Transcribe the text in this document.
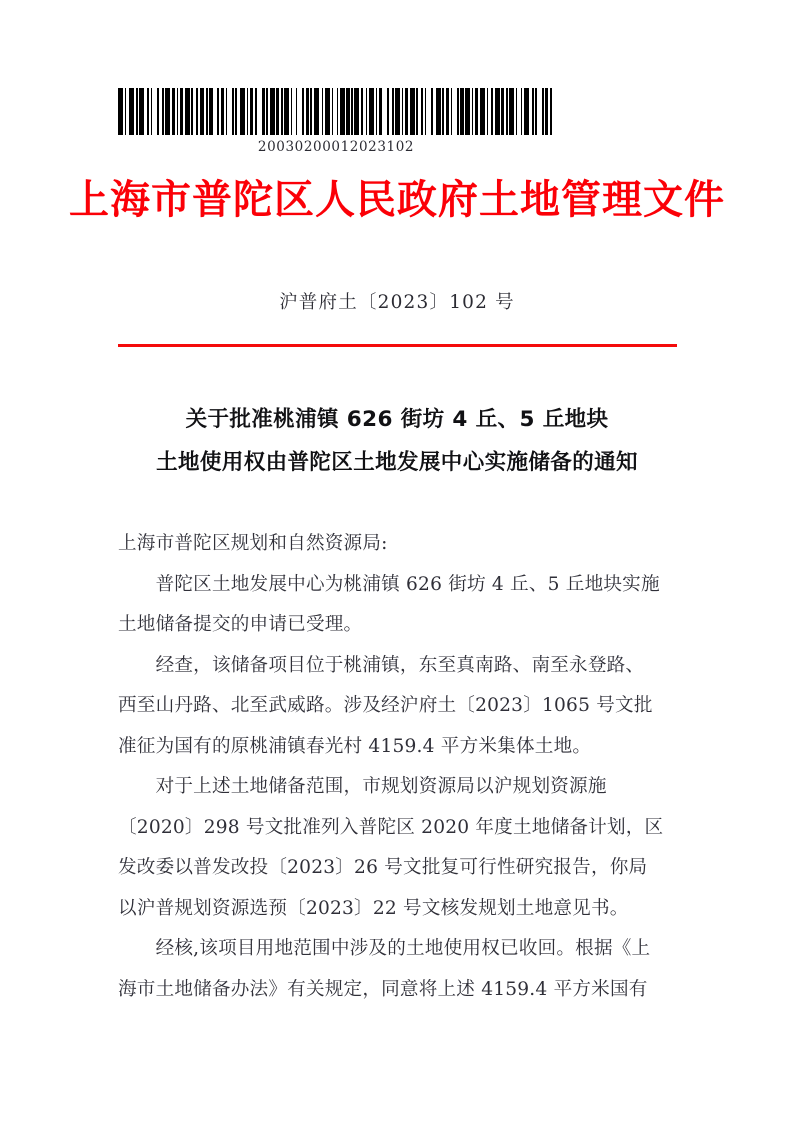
20030200012023102
上海市普陀区人民政府土地管理文件
沪普府土〔2023〕102 号
关于批准桃浦镇 626 街坊 4 丘、5 丘地块
土地使用权由普陀区土地发展中心实施储备的通知

上海市普陀区规划和自然资源局:

　　普陀区土地发展中心为桃浦镇 626 街坊 4 丘、5 丘地块实施

土地储备提交的申请已受理。

　　经查，该储备项目位于桃浦镇，东至真南路、南至永登路、

西至山丹路、北至武威路。涉及经沪府土〔2023〕1065 号文批

准征为国有的原桃浦镇春光村 4159.4 平方米集体土地。

　　对于上述土地储备范围，市规划资源局以沪规划资源施

〔2020〕298 号文批准列入普陀区 2020 年度土地储备计划，区

发改委以普发改投〔2023〕26 号文批复可行性研究报告，你局

以沪普规划资源选预〔2023〕22 号文核发规划土地意见书。

　　经核,该项目用地范围中涉及的土地使用权已收回。根据《上

海市土地储备办法》有关规定，同意将上述 4159.4 平方米国有
